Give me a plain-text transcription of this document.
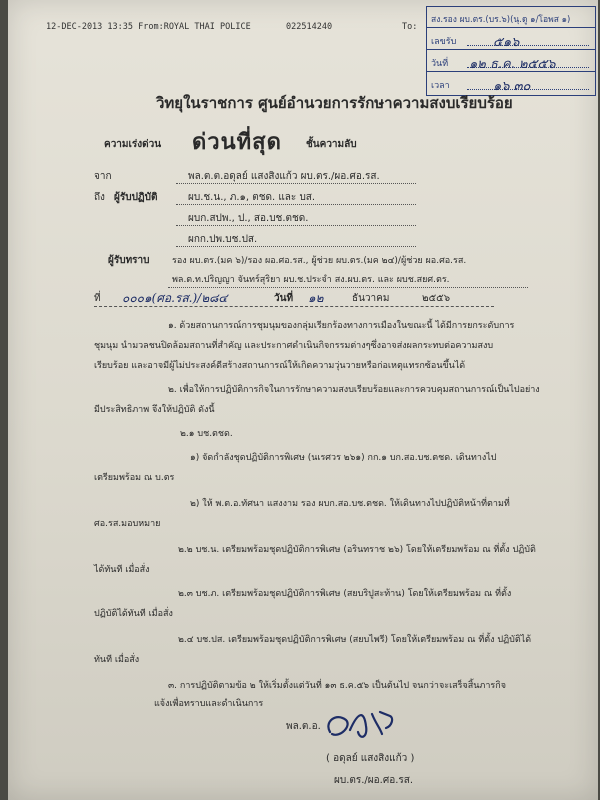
12-DEC-2013 13:35 From:ROYAL THAI POLICE	022514240	To:
สง.รอง ผบ.ตร.(บร.๖)(นุ.ดู ๑/โอพส ๑)
เลขรับ	๕๑๖
วันที่ ๑๒ ธ.ค. ๒๕๕๖
เวลา	๑๖ ๓๐
วิทยุในราชการ ศูนย์อำนวยการรักษาความสงบเรียบร้อย
ความเร่งด่วน ด่วนที่สุด ชั้นความลับ
จาก	พล.ต.ต.อดุลย์ แสงสิงแก้ว ผบ.ตร./ผอ.ศอ.รส.
ถึง ผู้รับปฏิบัติ	ผบ.ช.น., ภ.๑, ตชด. และ บส.
ผบก.สปพ., ป., สอ.บช.ตชด.
ผกก.ปพ.บช.ปส.
ผู้รับทราบ รอง ผบ.ตร.(มค ๖)/รอง ผอ.ศอ.รส., ผู้ช่วย ผบ.ตร.(มค ๒๔)/ผู้ช่วย ผอ.ศอ.รส.
พล.ต.ท.ปริญญา จันทร์สุริยา ผบ.ช.ประจำ สง.ผบ.ตร. และ ผบช.สยศ.ตร.
ที่ ๐๐๐๑(ศอ.รส.)/๒๘๔	วันที่ ๑๒	ธันวาคม	๒๕๕๖
๑. ด้วยสถานการณ์การชุมนุมของกลุ่มเรียกร้องทางการเมืองในขณะนี้ ได้มีการยกระดับการ
ชุมนุม นำมวลชนปิดล้อมสถานที่สำคัญ และประกาศดำเนินกิจกรรมต่างๆซึ่งอาจส่งผลกระทบต่อความสงบ
เรียบร้อย และอาจมีผู้ไม่ประสงค์ดีสร้างสถานการณ์ให้เกิดความวุ่นวายหรือก่อเหตุแทรกซ้อนขึ้นได้
๒. เพื่อให้การปฏิบัติการกิจในการรักษาความสงบเรียบร้อยและการควบคุมสถานการณ์เป็นไปอย่าง
มีประสิทธิภาพ จึงให้ปฏิบัติ ดังนี้
๒.๑ บช.ตชด.
๑) จัดกำลังชุดปฏิบัติการพิเศษ (นเรศวร ๒๖๑) กก.๑ บก.สอ.บช.ตชด. เดินทางไป
เตรียมพร้อม ณ บ.ตร
๒) ให้ พ.ต.อ.ทัศนา แสงงาม รอง ผบก.สอ.บช.ตชด. ให้เดินทางไปปฏิบัติหน้าที่ตามที่
ศอ.รส.มอบหมาย
๒.๒ บช.น. เตรียมพร้อมชุดปฏิบัติการพิเศษ (อรินทราช ๒๖) โดยให้เตรียมพร้อม ณ ที่ตั้ง ปฏิบัติ
ได้ทันที เมื่อสั่ง
๒.๓ บช.ภ. เตรียมพร้อมชุดปฏิบัติการพิเศษ (สยบริปูสะท้าน) โดยให้เตรียมพร้อม ณ ที่ตั้ง
ปฏิบัติได้ทันที เมื่อสั่ง
๒.๔ บช.ปส. เตรียมพร้อมชุดปฏิบัติการพิเศษ (สยบไพรี) โดยให้เตรียมพร้อม ณ ที่ตั้ง ปฏิบัติได้
ทันที เมื่อสั่ง
๓. การปฏิบัติตามข้อ ๒ ให้เริ่มตั้งแต่วันที่ ๑๓ ธ.ค.๕๖ เป็นต้นไป จนกว่าจะเสร็จสิ้นภารกิจ
แจ้งเพื่อทราบและดำเนินการ
พล.ต.อ.
( อดุลย์ แสงสิงแก้ว )
ผบ.ตร./ผอ.ศอ.รส.
